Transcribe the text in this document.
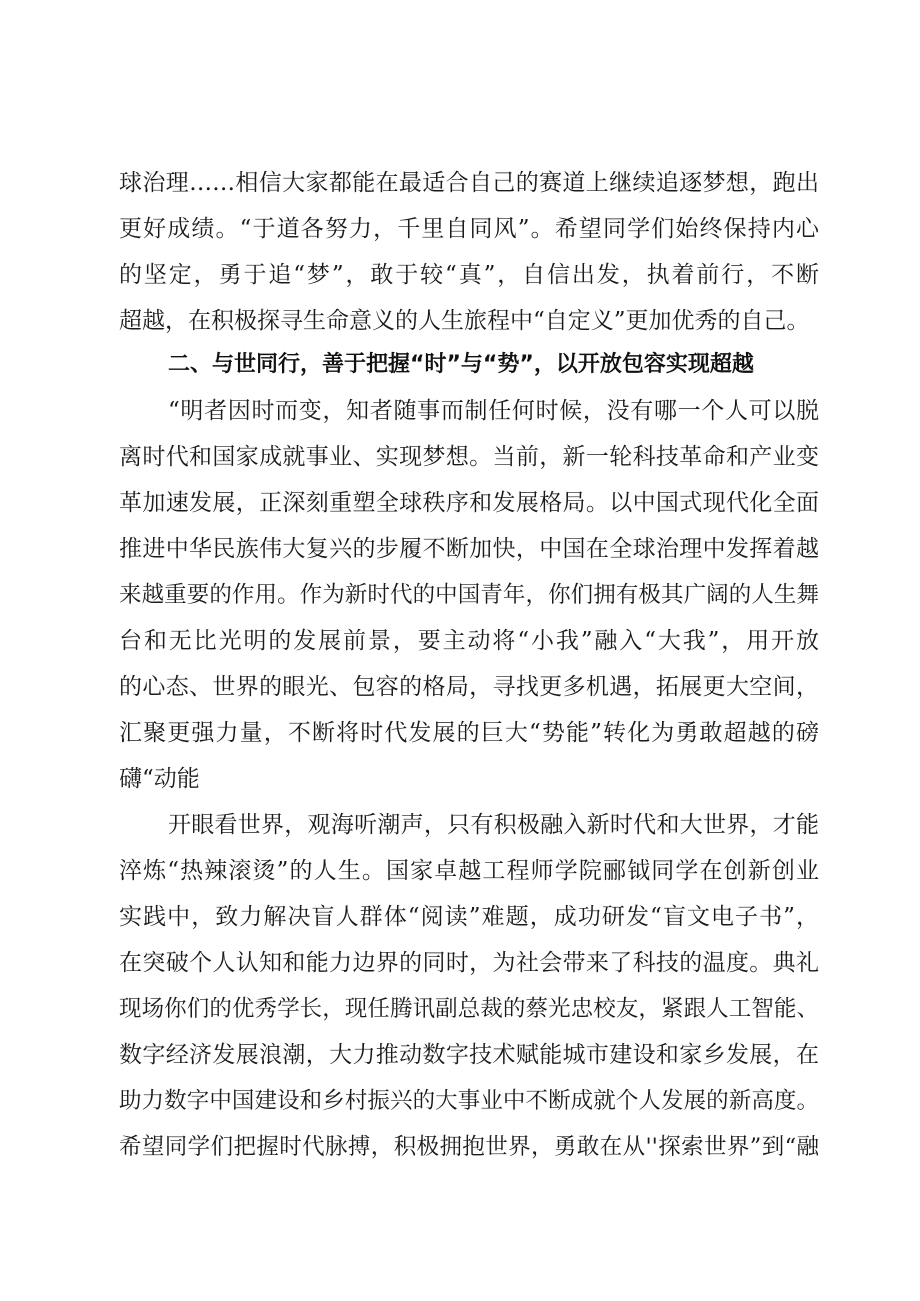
球治理……相信大家都能在最适合自己的赛道上继续追逐梦想，跑出
更好成绩。“于道各努力，千里自同风”。希望同学们始终保持内心
的坚定，勇于追“梦”，敢于较“真”，自信出发，执着前行，不断
超越，在积极探寻生命意义的人生旅程中“自定义”更加优秀的自己。
二、与世同行，善于把握“时”与“势”，以开放包容实现超越
“明者因时而变，知者随事而制任何时候，没有哪一个人可以脱
离时代和国家成就事业、实现梦想。当前，新一轮科技革命和产业变
革加速发展，正深刻重塑全球秩序和发展格局。以中国式现代化全面
推进中华民族伟大复兴的步履不断加快，中国在全球治理中发挥着越
来越重要的作用。作为新时代的中国青年，你们拥有极其广阔的人生舞
台和无比光明的发展前景，要主动将“小我”融入“大我”，用开放
的心态、世界的眼光、包容的格局，寻找更多机遇，拓展更大空间，
汇聚更强力量，不断将时代发展的巨大“势能”转化为勇敢超越的磅
礴“动能
开眼看世界，观海听潮声，只有积极融入新时代和大世界，才能
淬炼“热辣滚烫”的人生。国家卓越工程师学院郦钺同学在创新创业
实践中，致力解决盲人群体“阅读”难题，成功研发“盲文电子书”，
在突破个人认知和能力边界的同时，为社会带来了科技的温度。典礼
现场你们的优秀学长，现任腾讯副总裁的蔡光忠校友，紧跟人工智能、
数字经济发展浪潮，大力推动数字技术赋能城市建设和家乡发展，在
助力数字中国建设和乡村振兴的大事业中不断成就个人发展的新高度。
希望同学们把握时代脉搏，积极拥抱世界，勇敢在从''探索世界”到“融
